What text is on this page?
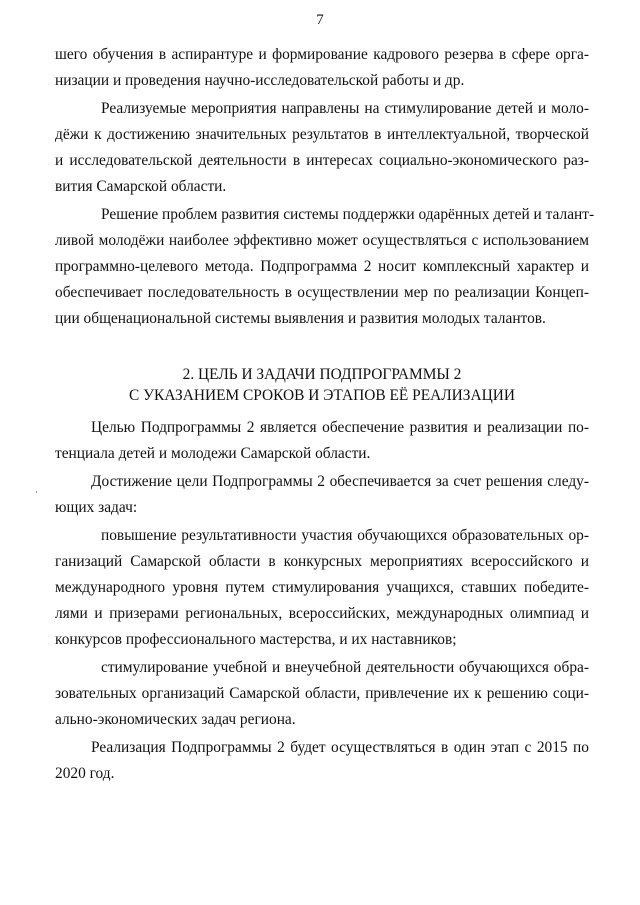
7
шего обучения в аспирантуре и формирование кадрового резерва в сфере орга-
низации и проведения научно-исследовательской работы и др.
Реализуемые мероприятия направлены на стимулирование детей и моло-
дёжи к достижению значительных результатов в интеллектуальной, творческой
и исследовательской деятельности в интересах социально-экономического раз-
вития Самарской области.
Решение проблем развития системы поддержки одарённых детей и талант-
ливой молодёжи наиболее эффективно может осуществляться с использованием
программно-целевого метода. Подпрограмма 2 носит комплексный характер и
обеспечивает последовательность в осуществлении мер по реализации Концеп-
ции общенациональной системы выявления и развития молодых талантов.
2. ЦЕЛЬ И ЗАДАЧИ ПОДПРОГРАММЫ 2
С УКАЗАНИЕМ СРОКОВ И ЭТАПОВ ЕЁ РЕАЛИЗАЦИИ
Целью Подпрограммы 2 является обеспечение развития и реализации по-
тенциала детей и молодежи Самарской области.
Достижение цели Подпрограммы 2 обеспечивается за счет решения следу-
ющих задач:
повышение результативности участия обучающихся образовательных ор-
ганизаций Самарской области в конкурсных мероприятиях всероссийского и
международного уровня путем стимулирования учащихся, ставших победите-
лями и призерами региональных, всероссийских, международных олимпиад и
конкурсов профессионального мастерства, и их наставников;
стимулирование учебной и внеучебной деятельности обучающихся обра-
зовательных организаций Самарской области, привлечение их к решению соци-
ально-экономических задач региона.
Реализация Подпрограммы 2 будет осуществляться в один этап с 2015 по
2020 год.
